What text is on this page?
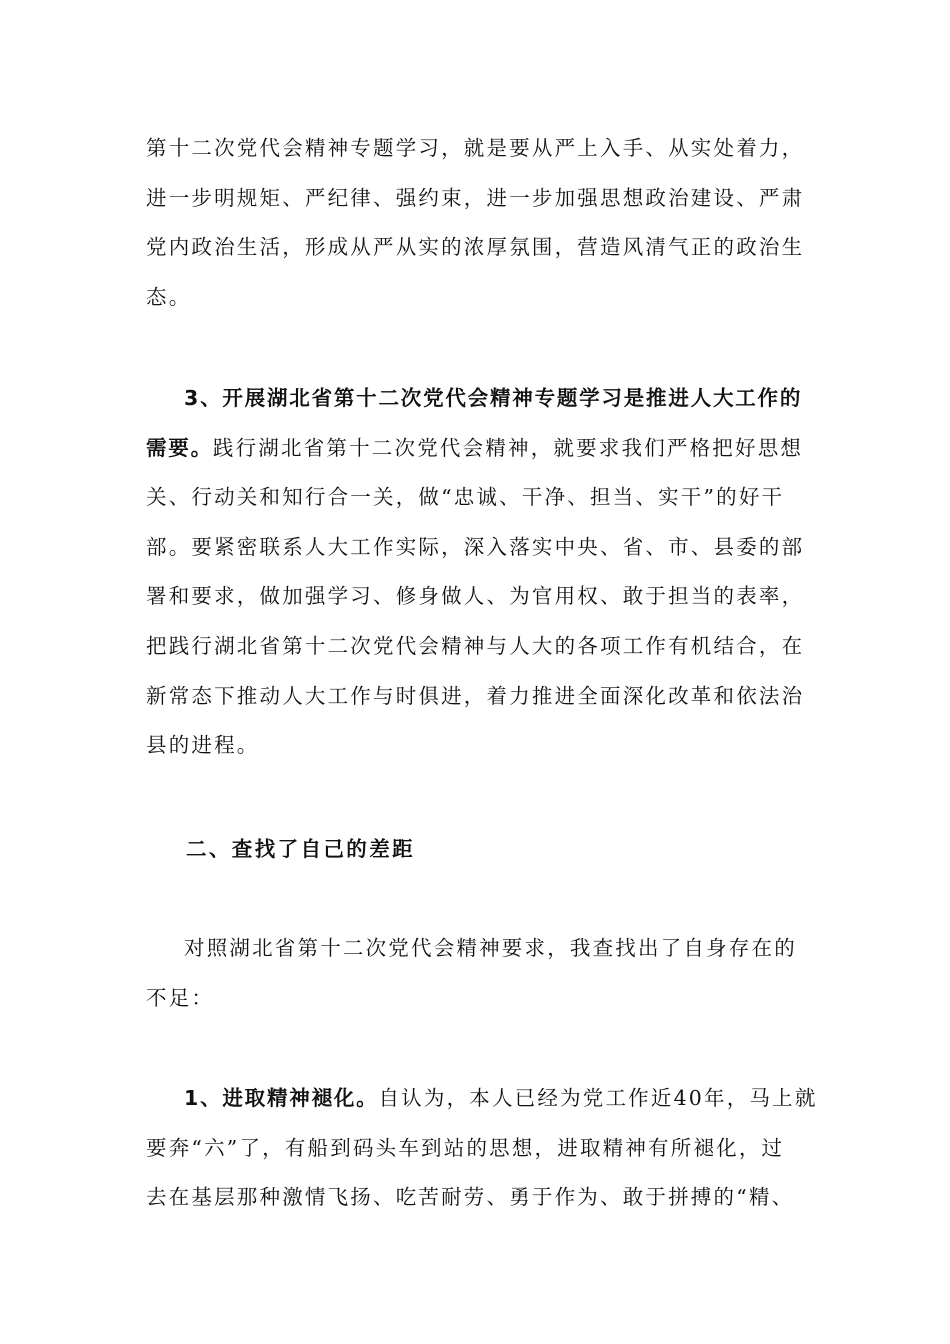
第十二次党代会精神专题学习，就是要从严上入手、从实处着力，
进一步明规矩、严纪律、强约束，进一步加强思想政治建设、严肃
党内政治生活，形成从严从实的浓厚氛围，营造风清气正的政治生
态。
3、开展湖北省第十二次党代会精神专题学习是推进人大工作的
需要。践行湖北省第十二次党代会精神，就要求我们严格把好思想
关、行动关和知行合一关，做“忠诚、干净、担当、实干”的好干
部。要紧密联系人大工作实际，深入落实中央、省、市、县委的部
署和要求，做加强学习、修身做人、为官用权、敢于担当的表率，
把践行湖北省第十二次党代会精神与人大的各项工作有机结合，在
新常态下推动人大工作与时俱进，着力推进全面深化改革和依法治
县的进程。
二、查找了自己的差距
对照湖北省第十二次党代会精神要求，我查找出了自身存在的
不足：
1、进取精神褪化。自认为，本人已经为党工作近40年，马上就
要奔“六”了，有船到码头车到站的思想，进取精神有所褪化，过
去在基层那种激情飞扬、吃苦耐劳、勇于作为、敢于拼搏的“精、
